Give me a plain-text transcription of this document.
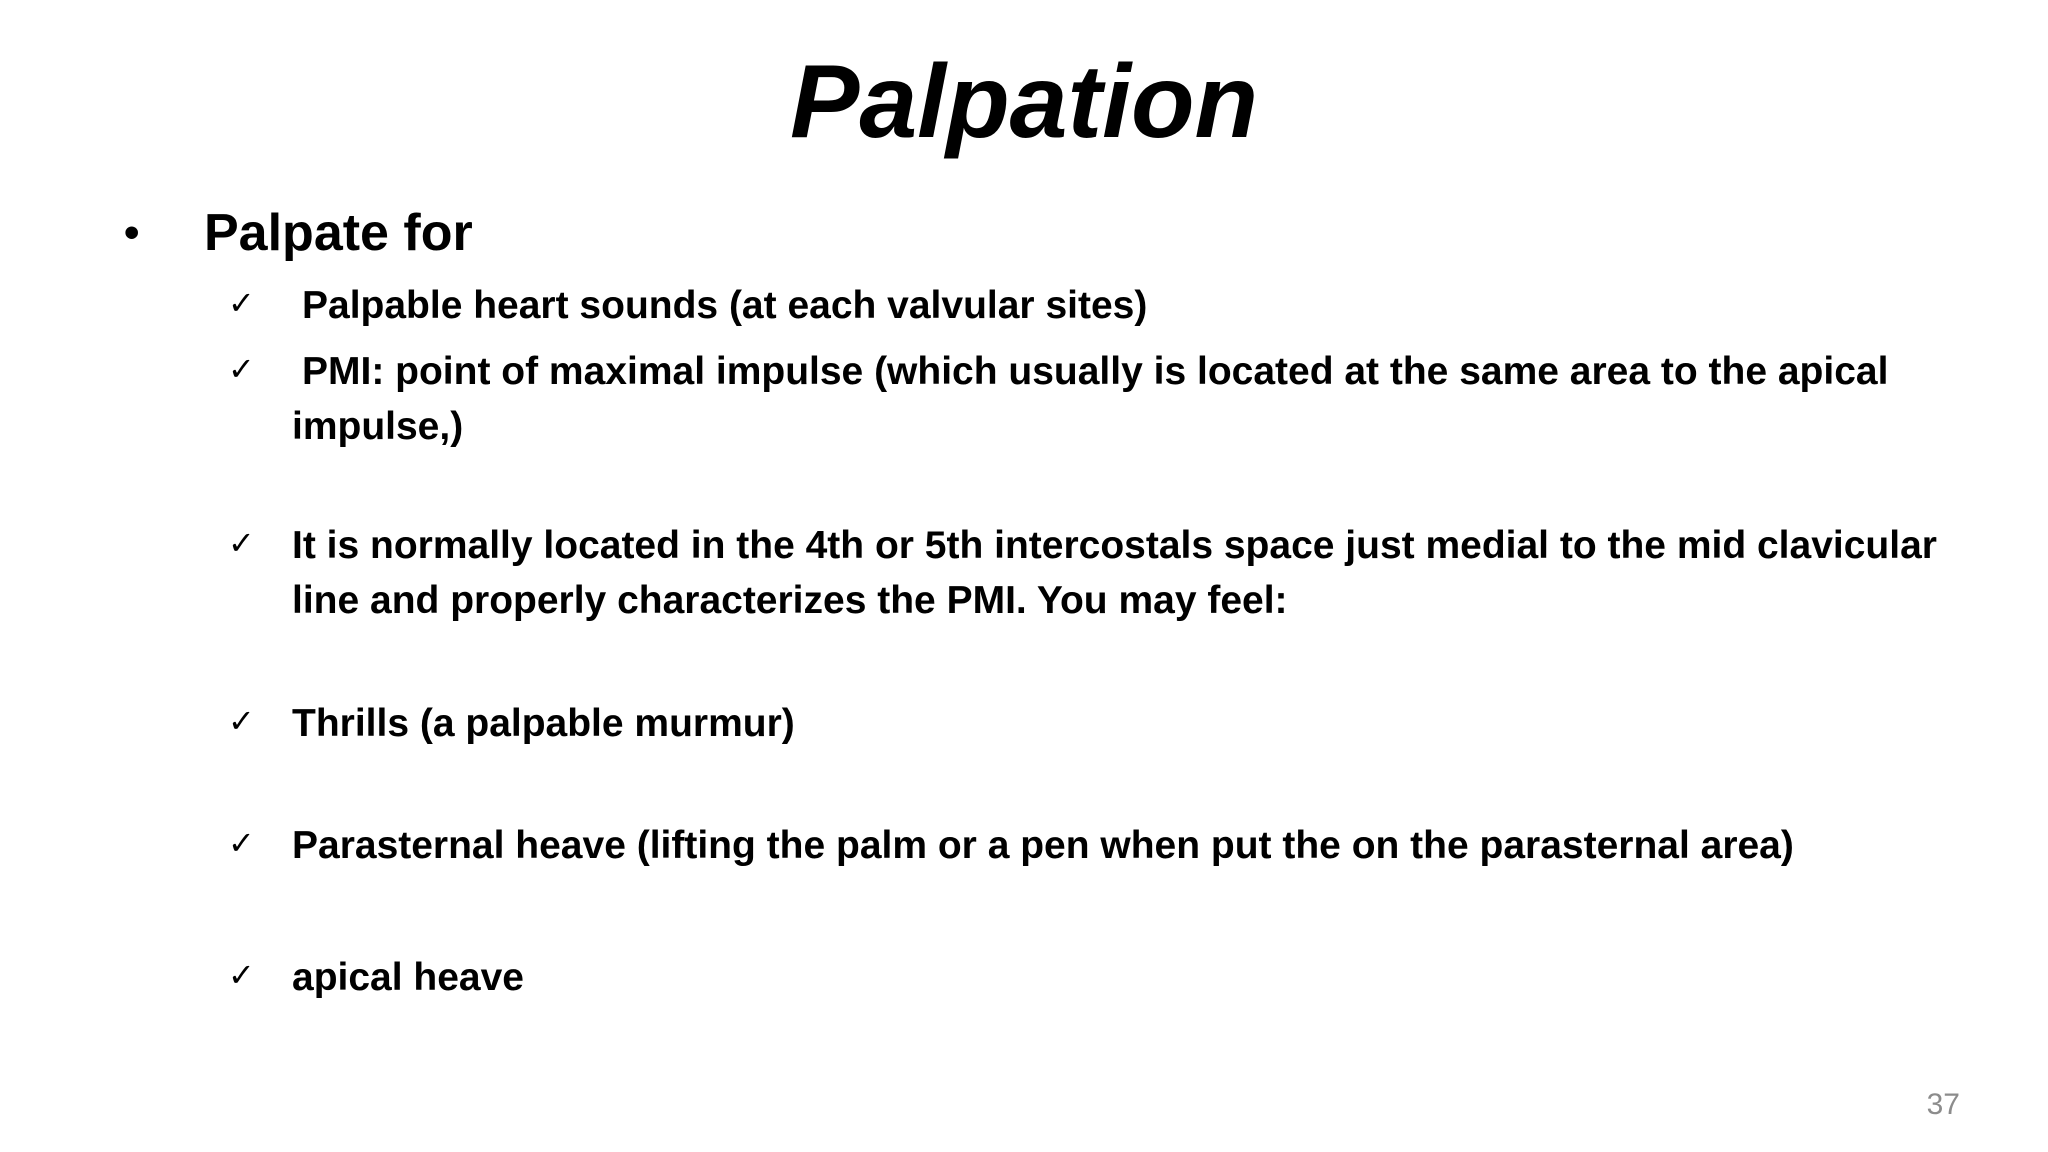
Palpation
•	Palpate for
✓	Palpable heart sounds (at each valvular sites)
✓	PMI: point of maximal impulse (which usually is located at the same area to the apical impulse,)
✓ It is normally located in the 4th or 5th intercostals space just medial to the mid clavicular line and properly characterizes the PMI. You may feel:
✓ Thrills (a palpable murmur)
✓ Parasternal heave (lifting the palm or a pen when put the on the parasternal area)
✓ apical heave
37
